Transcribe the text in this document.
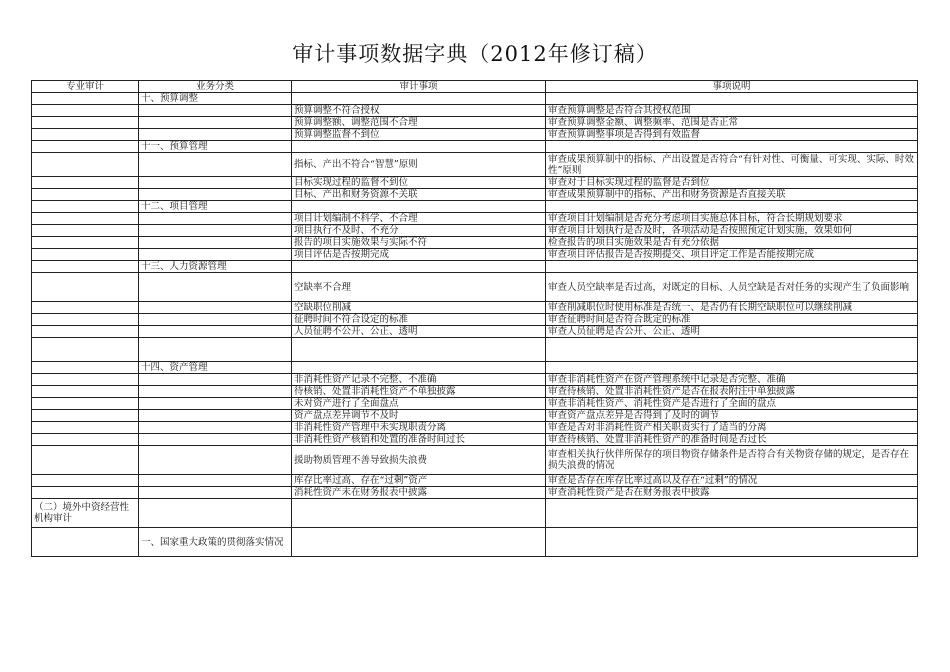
审计事项数据字典（2012年修订稿）
专业审计	业务分类	审计事项	事项说明
	十、预算调整		
		预算调整不符合授权	审查预算调整是否符合其授权范围
		预算调整额、调整范围不合理	审查预算调整金额、调整频率、范围是否正常
		预算调整监督不到位	审查预算调整事项是否得到有效监督
	十一、预算管理		
		指标、产出不符合“智慧”原则	审查成果预算制中的指标、产出设置是否符合“有针对性、可衡量、可实现、实际、时效性”原则
		目标实现过程的监督不到位	审查对于目标实现过程的监督是否到位
		目标、产出和财务资源不关联	审查成果预算制中的指标、产出和财务资源是否直接关联
	十二、项目管理		
		项目计划编制不科学、不合理	审查项目计划编制是否充分考虑项目实施总体目标，符合长期规划要求
		项目执行不及时、不充分	审查项目计划执行是否及时，各项活动是否按照预定计划实施，效果如何
		报告的项目实施效果与实际不符	检查报告的项目实施效果是否有充分依据
		项目评估是否按期完成	审查项目评估报告是否按期提交、项目评定工作是否能按期完成
	十三、人力资源管理		
		空缺率不合理	审查人员空缺率是否过高，对既定的目标、人员空缺是否对任务的实现产生了负面影响
		空缺职位削减	审查削减职位时使用标准是否统一、是否仍有长期空缺职位可以继续削减
		征聘时间不符合设定的标准	审查征聘时间是否符合既定的标准
		人员征聘不公开、公正、透明	审查人员征聘是否公开、公正、透明

	十四、资产管理		
		非消耗性资产记录不完整、不准确	审查非消耗性资产在资产管理系统中记录是否完整、准确
		待核销、处置非消耗性资产不单独披露	审查待核销、处置非消耗性资产是否在报表附注中单独披露
		未对资产进行了全面盘点	审查非消耗性资产、消耗性资产是否进行了全面的盘点
		资产盘点差异调节不及时	审查资产盘点差异是否得到了及时的调节
		非消耗性资产管理中未实现职责分离	审查是否对非消耗性资产相关职责实行了适当的分离
		非消耗性资产核销和处置的准备时间过长	审查待核销、处置非消耗性资产的准备时间是否过长
		援助物质管理不善导致损失浪费	审查相关执行伙伴所保存的项目物资存储条件是否符合有关物资存储的规定，是否存在损失浪费的情况
		库存比率过高、存在“过剩”资产	审查是否存在库存比率过高以及存在“过剩”的情况
		消耗性资产未在财务报表中披露	审查消耗性资产是否在财务报表中披露
（二）境外中资经营性机构审计			
	一、国家重大政策的贯彻落实情况		
